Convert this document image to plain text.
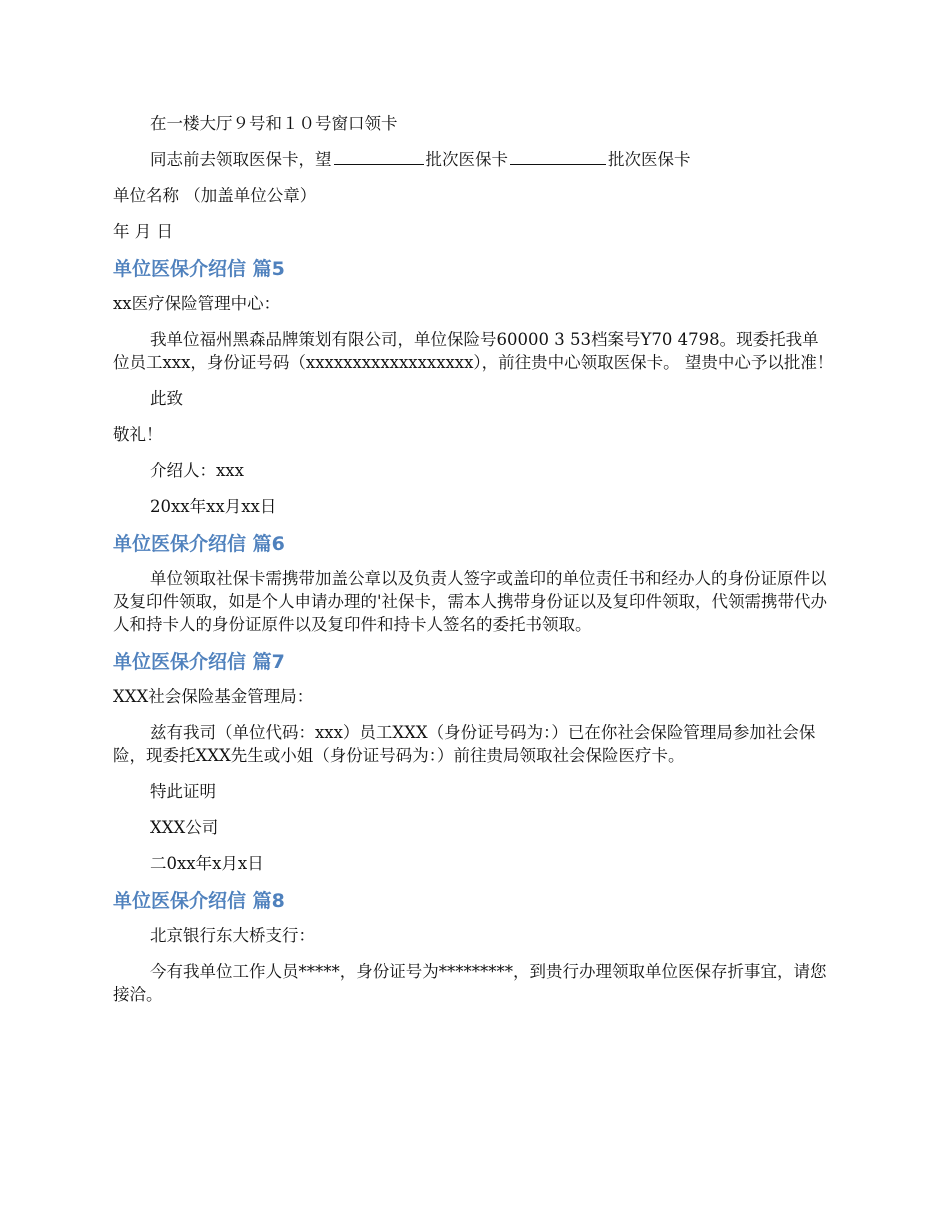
在一楼大厅９号和１０号窗口领卡

同志前去领取医保卡，望	批次医保卡	批次医保卡

单位名称 （加盖单位公章）

年 月 日

单位医保介绍信 篇5

xx医疗保险管理中心：

我单位福州黑森品牌策划有限公司，单位保险号60000 3 53档案号Y70 4798。现委托我单位员工xxx，身份证号码（xxxxxxxxxxxxxxxxxx），前往贵中心领取医保卡。 望贵中心予以批准！

此致

敬礼！

介绍人：xxx

20xx年xx月xx日

单位医保介绍信 篇6

单位领取社保卡需携带加盖公章以及负责人签字或盖印的单位责任书和经办人的身份证原件以及复印件领取，如是个人申请办理的'社保卡，需本人携带身份证以及复印件领取，代领需携带代办人和持卡人的身份证原件以及复印件和持卡人签名的委托书领取。

单位医保介绍信 篇7

XXX社会保险基金管理局：

兹有我司（单位代码：xxx）员工XXX（身份证号码为：）已在你社会保险管理局参加社会保险，现委托XXX先生或小姐（身份证号码为：）前往贵局领取社会保险医疗卡。

特此证明

XXX公司

二0xx年x月x日

单位医保介绍信 篇8

北京银行东大桥支行：

今有我单位工作人员*****，身份证号为*********，到贵行办理领取单位医保存折事宜，请您接洽。
